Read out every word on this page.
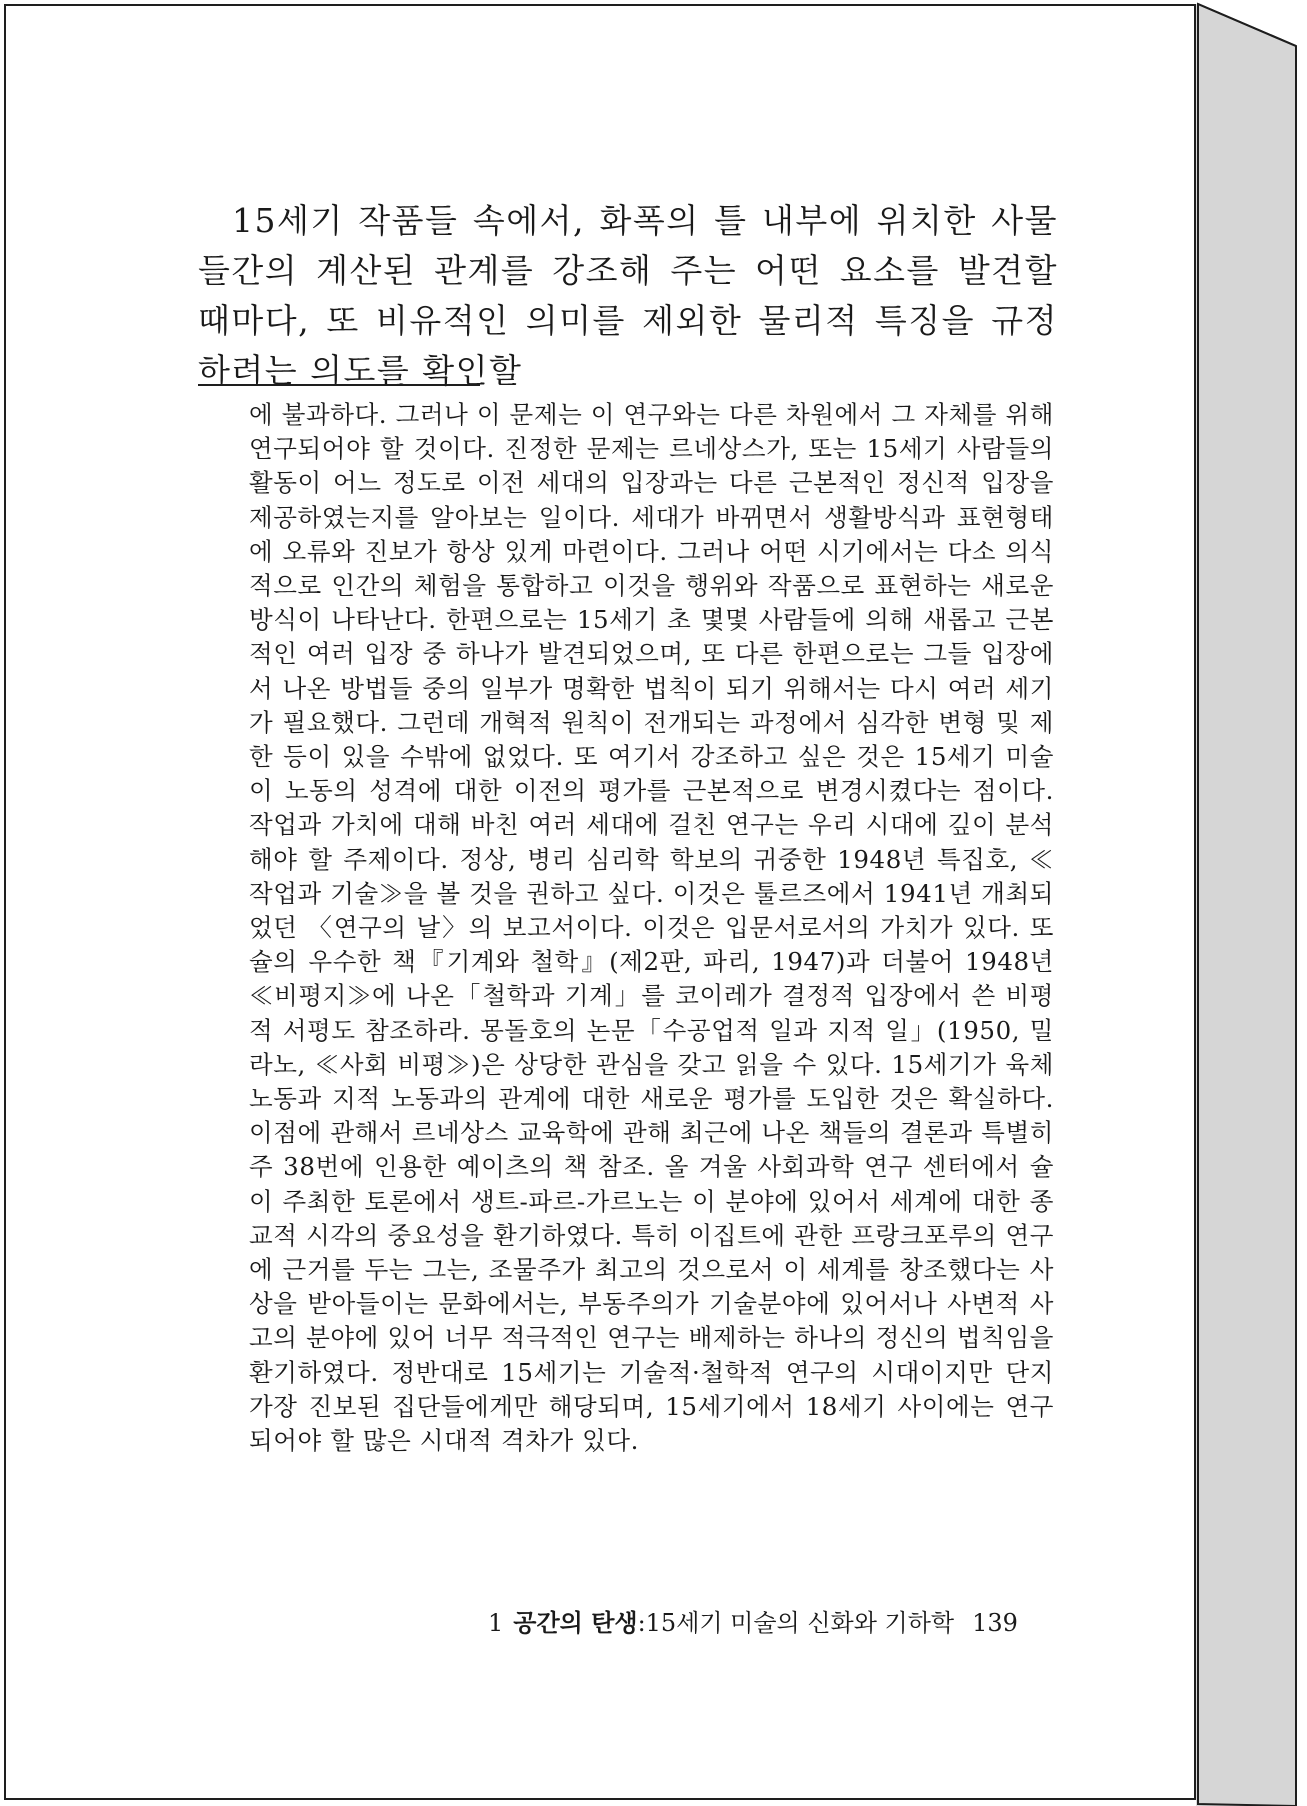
15세기 작품들 속에서, 화폭의 틀 내부에 위치한 사물들간의 계산된 관계를 강조해 주는 어떤 요소를 발견할 때마다, 또 비유적인 의미를 제외한 물리적 특징을 규정하려는 의도를 확인할

에 불과하다. 그러나 이 문제는 이 연구와는 다른 차원에서 그 자체를 위해 연구되어야 할 것이다. 진정한 문제는 르네상스가, 또는 15세기 사람들의 활동이 어느 정도로 이전 세대의 입장과는 다른 근본적인 정신적 입장을 제공하였는지를 알아보는 일이다. 세대가 바뀌면서 생활방식과 표현형태에 오류와 진보가 항상 있게 마련이다. 그러나 어떤 시기에서는 다소 의식적으로 인간의 체험을 통합하고 이것을 행위와 작품으로 표현하는 새로운 방식이 나타난다. 한편으로는 15세기 초 몇몇 사람들에 의해 새롭고 근본적인 여러 입장 중 하나가 발견되었으며, 또 다른 한편으로는 그들 입장에서 나온 방법들 중의 일부가 명확한 법칙이 되기 위해서는 다시 여러 세기가 필요했다. 그런데 개혁적 원칙이 전개되는 과정에서 심각한 변형 및 제한 등이 있을 수밖에 없었다. 또 여기서 강조하고 싶은 것은 15세기 미술이 노동의 성격에 대한 이전의 평가를 근본적으로 변경시켰다는 점이다. 작업과 가치에 대해 바친 여러 세대에 걸친 연구는 우리 시대에 깊이 분석해야 할 주제이다. 정상, 병리 심리학 학보의 귀중한 1948년 특집호, ≪작업과 기술≫을 볼 것을 권하고 싶다. 이것은 툴르즈에서 1941년 개최되었던 〈연구의 날〉의 보고서이다. 이것은 입문서로서의 가치가 있다. 또 슐의 우수한 책『기계와 철학』(제2판, 파리, 1947)과 더불어 1948년 ≪비평지≫에 나온「철학과 기계」를 코이레가 결정적 입장에서 쓴 비평적 서평도 참조하라. 몽돌호의 논문「수공업적 일과 지적 일」(1950, 밀라노, ≪사회 비평≫)은 상당한 관심을 갖고 읽을 수 있다. 15세기가 육체 노동과 지적 노동과의 관계에 대한 새로운 평가를 도입한 것은 확실하다. 이점에 관해서 르네상스 교육학에 관해 최근에 나온 책들의 결론과 특별히 주 38번에 인용한 예이츠의 책 참조. 올 겨울 사회과학 연구 센터에서 슐이 주최한 토론에서 생트-파르-가르노는 이 분야에 있어서 세계에 대한 종교적 시각의 중요성을 환기하였다. 특히 이집트에 관한 프랑크포루의 연구에 근거를 두는 그는, 조물주가 최고의 것으로서 이 세계를 창조했다는 사상을 받아들이는 문화에서는, 부동주의가 기술분야에 있어서나 사변적 사고의 분야에 있어 너무 적극적인 연구는 배제하는 하나의 정신의 법칙임을 환기하였다. 정반대로 15세기는 기술적·철학적 연구의 시대이지만 단지 가장 진보된 집단들에게만 해당되며, 15세기에서 18세기 사이에는 연구되어야 할 많은 시대적 격차가 있다.

1 공간의 탄생:15세기 미술의 신화와 기하학 139
